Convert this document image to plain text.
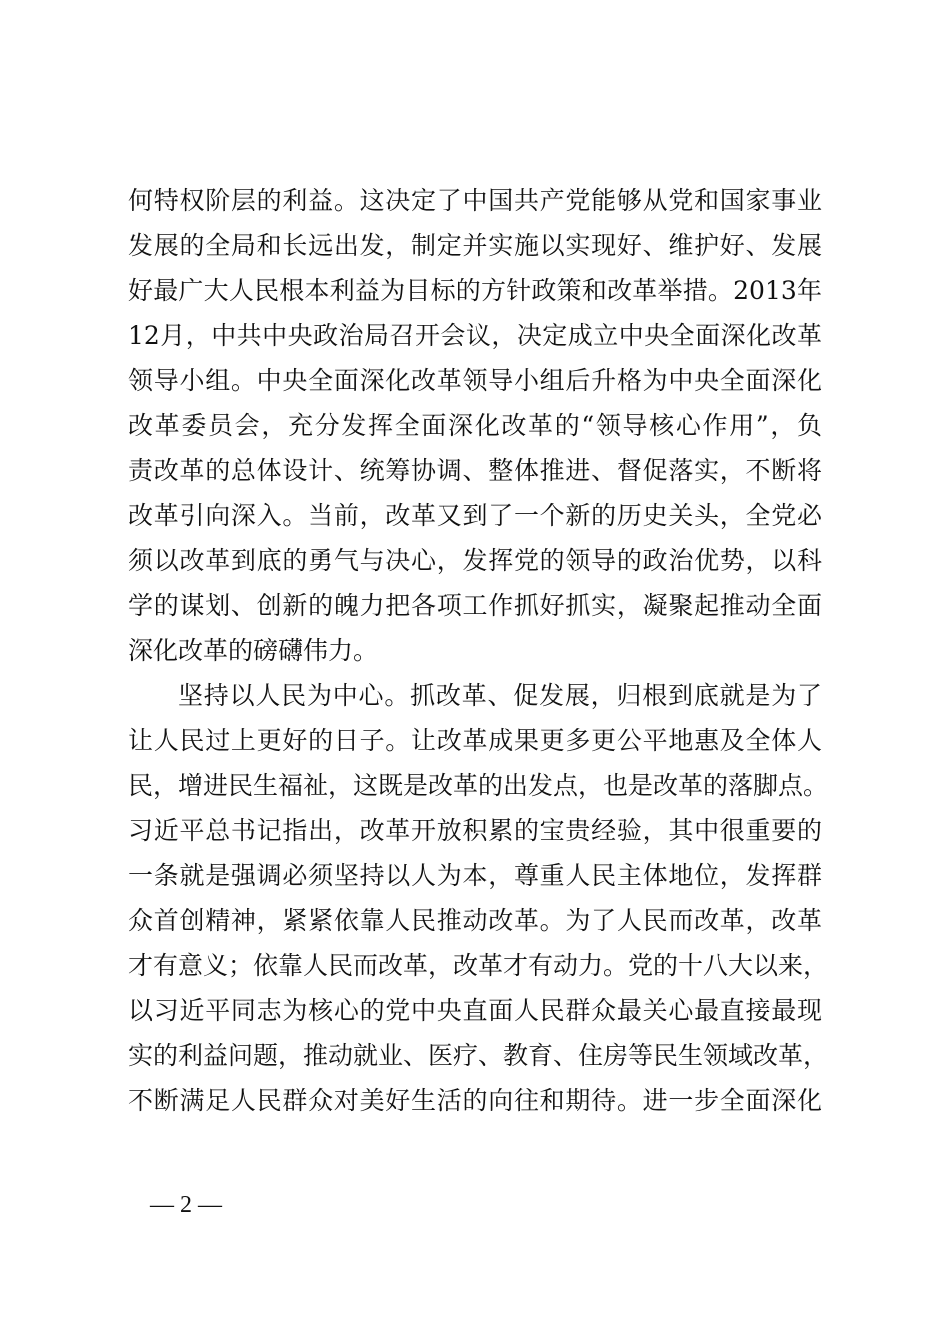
何特权阶层的利益。这决定了中国共产党能够从党和国家事业
发展的全局和长远出发，制定并实施以实现好、维护好、发展
好最广大人民根本利益为目标的方针政策和改革举措。2013年
12月，中共中央政治局召开会议，决定成立中央全面深化改革
领导小组。中央全面深化改革领导小组后升格为中央全面深化
改革委员会，充分发挥全面深化改革的“领导核心作用”，负
责改革的总体设计、统筹协调、整体推进、督促落实，不断将
改革引向深入。当前，改革又到了一个新的历史关头，全党必
须以改革到底的勇气与决心，发挥党的领导的政治优势，以科
学的谋划、创新的魄力把各项工作抓好抓实，凝聚起推动全面
深化改革的磅礴伟力。
坚持以人民为中心。抓改革、促发展，归根到底就是为了
让人民过上更好的日子。让改革成果更多更公平地惠及全体人
民，增进民生福祉，这既是改革的出发点，也是改革的落脚点。
习近平总书记指出，改革开放积累的宝贵经验，其中很重要的
一条就是强调必须坚持以人为本，尊重人民主体地位，发挥群
众首创精神，紧紧依靠人民推动改革。为了人民而改革，改革
才有意义；依靠人民而改革，改革才有动力。党的十八大以来，
以习近平同志为核心的党中央直面人民群众最关心最直接最现
实的利益问题，推动就业、医疗、教育、住房等民生领域改革，
不断满足人民群众对美好生活的向往和期待。进一步全面深化
— 2 —
